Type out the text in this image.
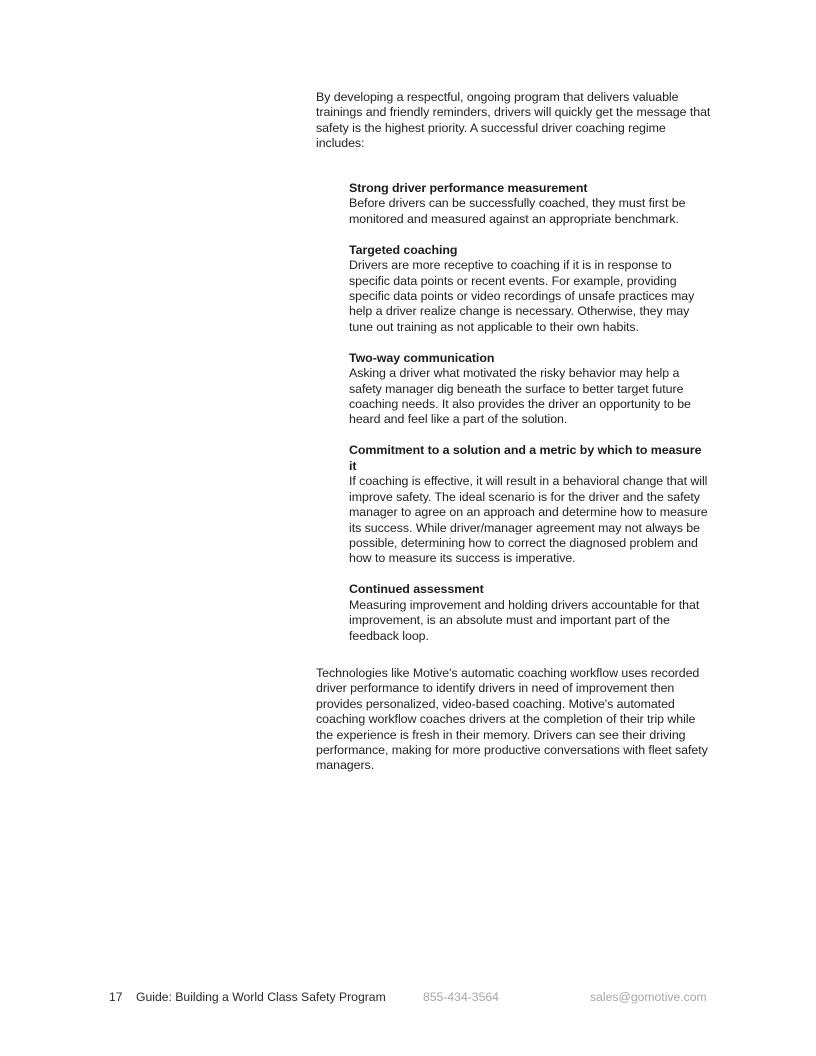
By developing a respectful, ongoing program that delivers valuable trainings and friendly reminders, drivers will quickly get the message that safety is the highest priority. A successful driver coaching regime includes:

Strong driver performance measurement
Before drivers can be successfully coached, they must first be monitored and measured against an appropriate benchmark.
Targeted coaching
Drivers are more receptive to coaching if it is in response to specific data points or recent events. For example, providing specific data points or video recordings of unsafe practices may help a driver realize change is necessary. Otherwise, they may tune out training as not applicable to their own habits.
Two-way communication
Asking a driver what motivated the risky behavior may help a safety manager dig beneath the surface to better target future coaching needs. It also provides the driver an opportunity to be heard and feel like a part of the solution.
Commitment to a solution and a metric by which to measure it
If coaching is effective, it will result in a behavioral change that will improve safety. The ideal scenario is for the driver and the safety manager to agree on an approach and determine how to measure its success. While driver/manager agreement may not always be possible, determining how to correct the diagnosed problem and how to measure its success is imperative.
Continued assessment
Measuring improvement and holding drivers accountable for that improvement, is an absolute must and important part of the feedback loop.

Technologies like Motive's automatic coaching workflow uses recorded driver performance to identify drivers in need of improvement then provides personalized, video-based coaching. Motive's automated coaching workflow coaches drivers at the completion of their trip while the experience is fresh in their memory. Drivers can see their driving performance, making for more productive conversations with fleet safety managers.

17 Guide: Building a World Class Safety Program	855-434-3564	sales@gomotive.com
